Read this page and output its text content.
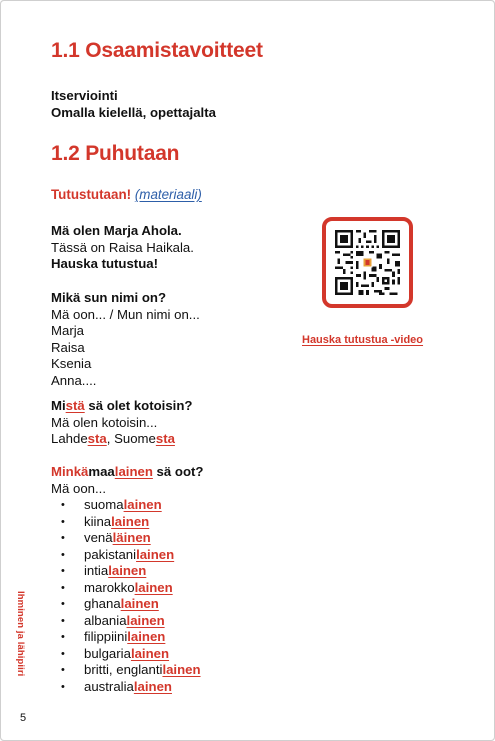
1.1 Osaamistavoitteet
Itserviointi
Omalla kielellä, opettajalta
1.2 Puhutaan
Tutustutaan! (materiaali)
Mä olen Marja Ahola.
Tässä on Raisa Haikala.
Hauska tutustua!
Mikä sun nimi on?
Mä oon... / Mun nimi on...
Marja
Raisa
Ksenia
Anna....
Mistä sä olet kotoisin?
Mä olen kotoisin...
Lahdesta, Suomesta
Minkämaalainen sä oot?
Mä oon...
• suomalainen
• kiinalainen
• venäläinen
• pakistanilainen
• intialainen
• marokkolainen
• ghanalainen
• albanialainen
• filippiinilainen
• bulgarialainen
• britti, englantilainen
• australialainen
Hauska tutustua -video
Ihminen ja lähipiiri
5
